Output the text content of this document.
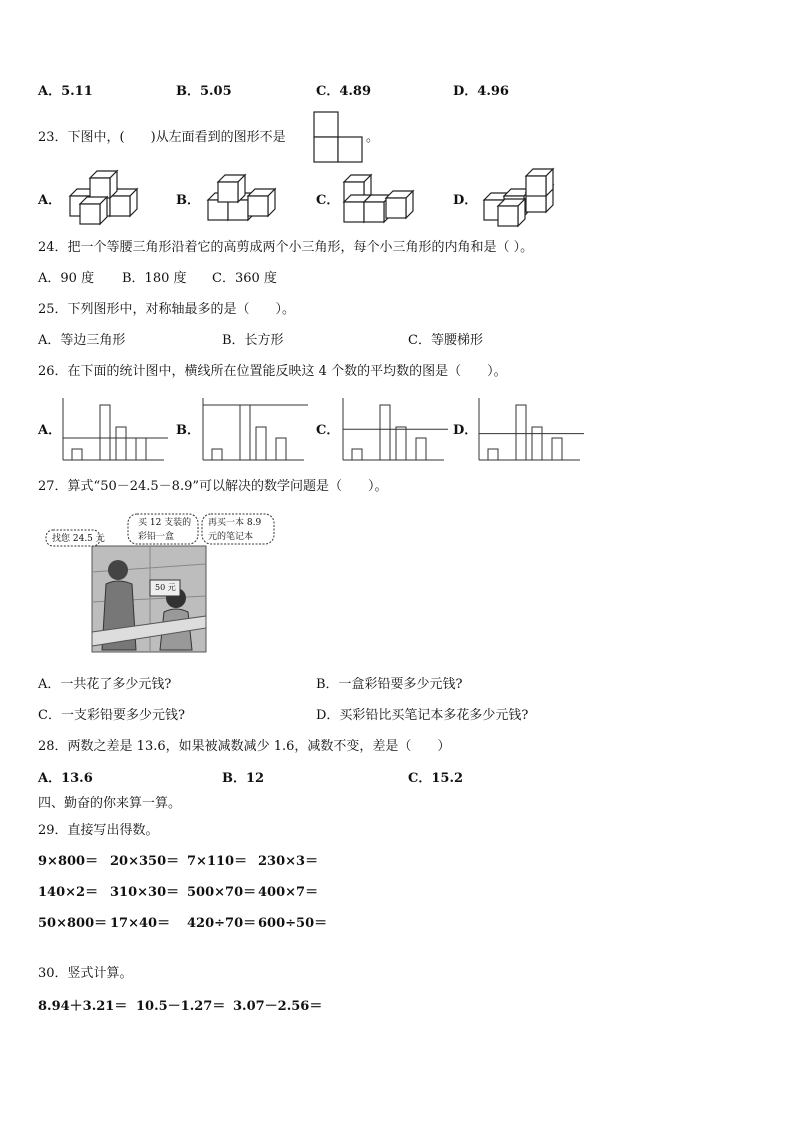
A．5.11	B．5.05	C．4.89	D．4.96
23．下图中，(　　)从左面看到的图形不是	。
A．	B．	C．	D．
24．把一个等腰三角形沿着它的高剪成两个小三角形，每个小三角形的内角和是（ ）。
A．90 度 B．180 度 C．360 度
25．下列图形中，对称轴最多的是（　　）。
A．等边三角形	B．长方形	C．等腰梯形
26．在下面的统计图中，横线所在位置能反映这 4 个数的平均数的图是（　　）。
A．	B．	C．	D．
27．算式“50－24.5－8.9”可以解决的数学问题是（　　）。
找您 24.5 元
买 12 支装的
彩铅一盒
再买一本 8.9
元的笔记本
50 元
A．一共花了多少元钱?	B．一盒彩铅要多少元钱?
C．一支彩铅要多少元钱?	D．买彩铅比买笔记本多花多少元钱?
28．两数之差是 13.6，如果被减数减少 1.6，减数不变，差是（　　）
A．13.6	B．12	C．15.2
四、勤奋的你来算一算。
29．直接写出得数。
9×800＝ 20×350＝ 7×110＝ 230×3＝
140×2＝ 310×30＝ 500×70＝ 400×7＝
50×800＝ 17×40＝ 420÷70＝ 600÷50＝
30．竖式计算。
8.94＋3.21＝ 10.5－1.27＝ 3.07－2.56＝
